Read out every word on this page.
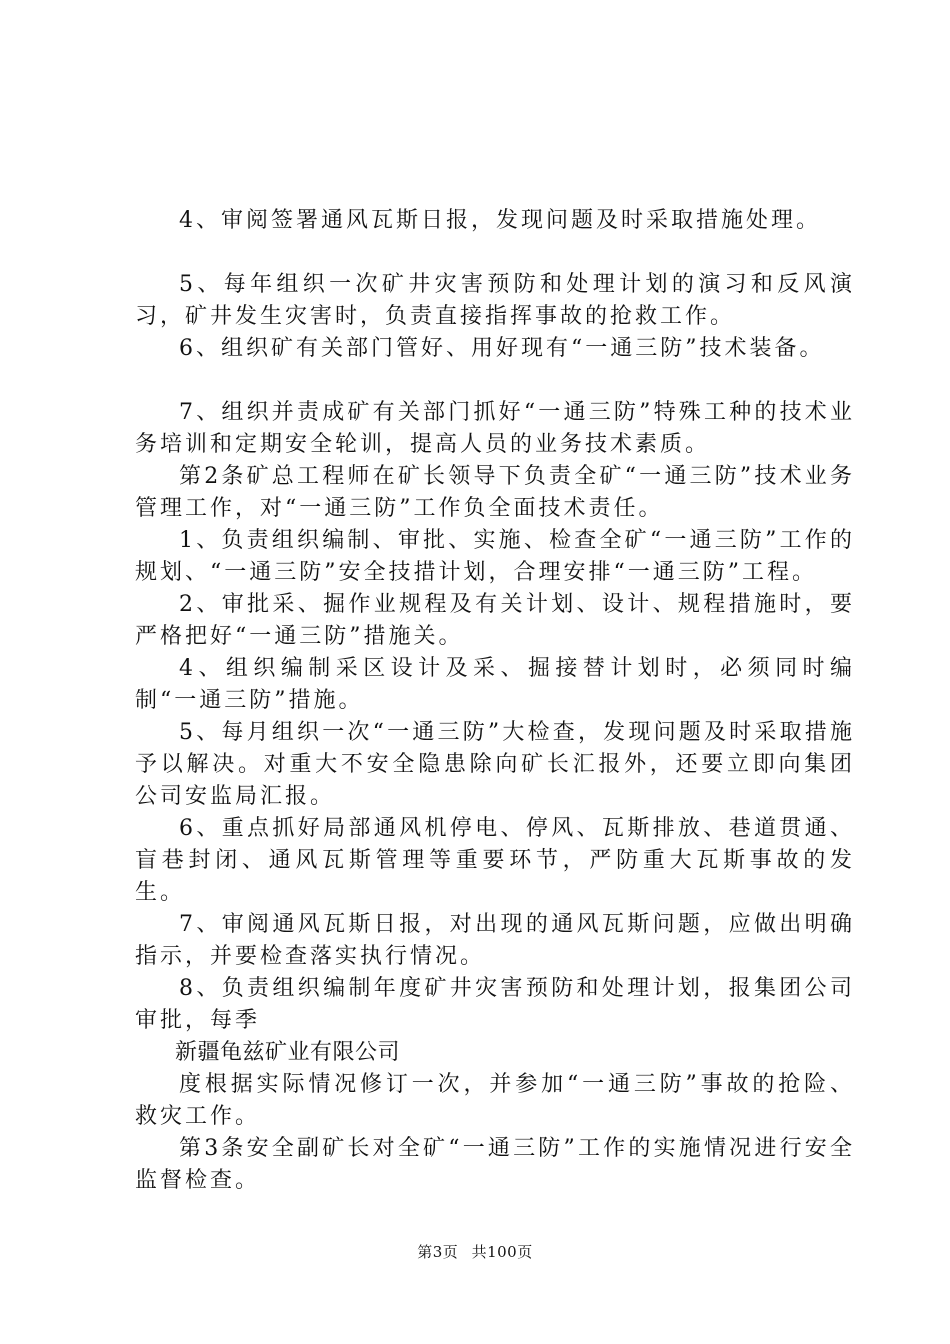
4、审阅签署通风瓦斯日报，发现问题及时采取措施处理。

5、每年组织一次矿井灾害预防和处理计划的演习和反风演习，矿井发生灾害时，负责直接指挥事故的抢救工作。

6、组织矿有关部门管好、用好现有“一通三防”技术装备。

7、组织并责成矿有关部门抓好“一通三防”特殊工种的技术业务培训和定期安全轮训，提高人员的业务技术素质。

第2条矿总工程师在矿长领导下负责全矿“一通三防”技术业务管理工作，对“一通三防”工作负全面技术责任。

1、负责组织编制、审批、实施、检查全矿“一通三防”工作的规划、“一通三防”安全技措计划，合理安排“一通三防”工程。

2、审批采、掘作业规程及有关计划、设计、规程措施时，要严格把好“一通三防”措施关。

4、组织编制采区设计及采、掘接替计划时，必须同时编制“一通三防”措施。

5、每月组织一次“一通三防”大检查，发现问题及时采取措施予以解决。对重大不安全隐患除向矿长汇报外，还要立即向集团公司安监局汇报。

6、重点抓好局部通风机停电、停风、瓦斯排放、巷道贯通、盲巷封闭、通风瓦斯管理等重要环节，严防重大瓦斯事故的发生。

7、审阅通风瓦斯日报，对出现的通风瓦斯问题，应做出明确指示，并要检查落实执行情况。

8、负责组织编制年度矿井灾害预防和处理计划，报集团公司审批，每季

新疆龟兹矿业有限公司

度根据实际情况修订一次，并参加“一通三防”事故的抢险、救灾工作。

第3条安全副矿长对全矿“一通三防”工作的实施情况进行安全监督检查。

第3页 共100页
